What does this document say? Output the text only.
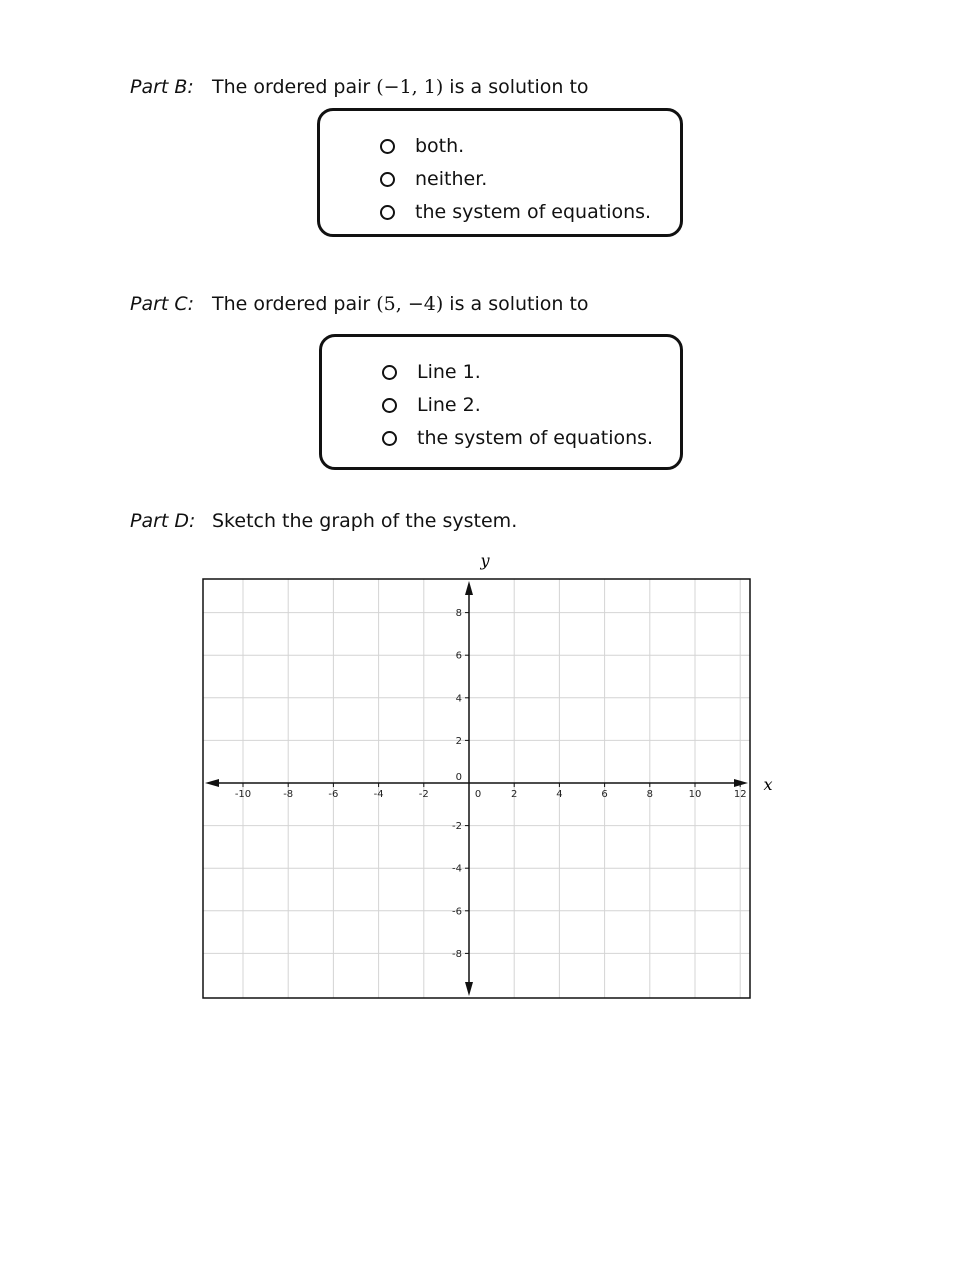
Part B: The ordered pair (−1, 1) is a solution to
both.
neither.
the system of equations.
Part C: The ordered pair (5, −4) is a solution to
Line 1.
Line 2.
the system of equations.
Part D: Sketch the graph of the system.
-10	-8	-6	-4	-2	0	2	4	6	8	10	12
8
6
4
2
0
-2
-4
-6
-8
y
x
